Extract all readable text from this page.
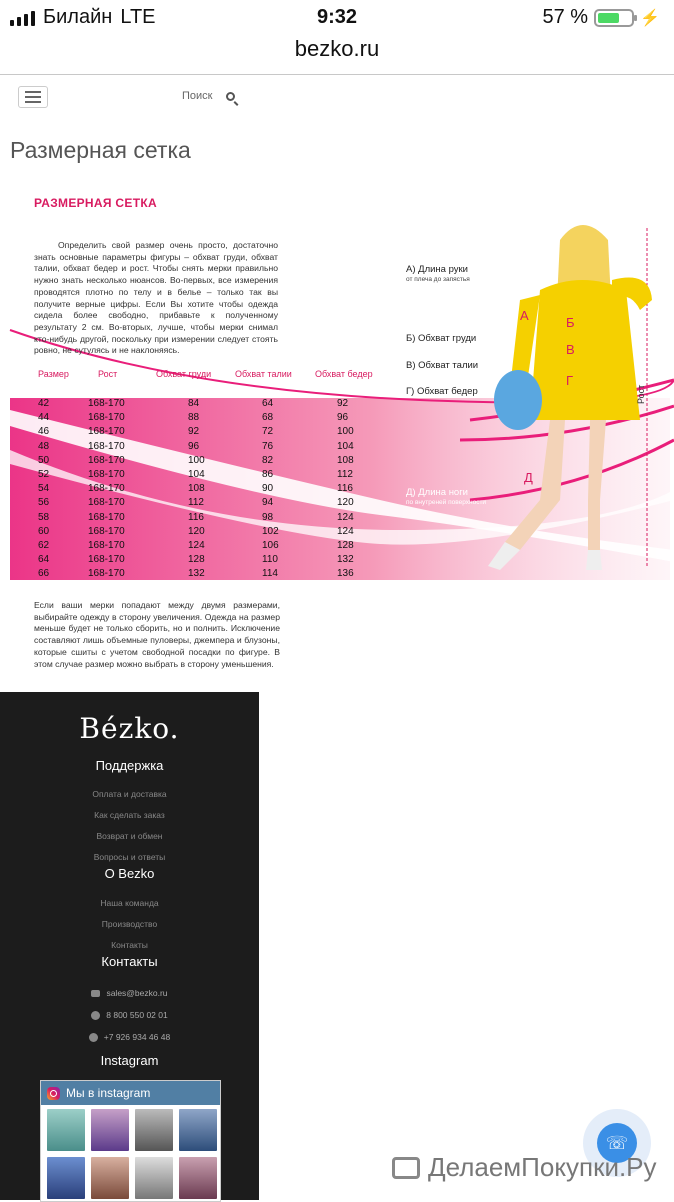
Билайн LTE	9:32	57 %	⚡
bezko.ru
Поиск
Размерная сетка
РАЗМЕРНАЯ СЕТКА
Определить свой размер очень просто, достаточно знать основные параметры фигуры – обхват груди, обхват талии, обхват бедер и рост. Чтобы снять мерки правильно нужно знать несколько нюансов. Во-первых, все измерения проводятся плотно по телу и в белье – только так вы получите верные цифры. Если Вы хотите чтобы одежда сидела более свободно, прибавьте к полученному результату 2 см. Во-вторых, лучше, чтобы мерки снимал кто-нибудь другой, поскольку при измерении следует стоять ровно, не сутулясь и не наклоняясь.
Размер	Рост	Обхват груди	Обхват талии	Обхват бедер
42	168-170	84	64	92
44	168-170	88	68	96
46	168-170	92	72	100
48	168-170	96	76	104
50	168-170	100	82	108
52	168-170	104	86	112
54	168-170	108	90	116
56	168-170	112	94	120
58	168-170	116	98	124
60	168-170	120	102	124
62	168-170	124	106	128
64	168-170	128	110	132
66	168-170	132	114	136
А) Длина руки
от плеча до запястья
Б) Обхват груди
В) Обхват талии
Г) Обхват бедер
Д) Длина ноги
по внутреней поверхности
Рост
А	Б
В
Г
Д
Если ваши мерки попадают между двумя размерами, выбирайте одежду в сторону увеличения. Одежда на размер меньше будет не только сборить, но и полнить. Исключение составляют лишь объемные пуловеры, джемпера и блузоны, которые сшиты с учетом свободной посадки по фигуре. В этом случае размер можно выбрать в сторону уменьшения.
Bézko.
Поддержка
Оплата и доставка
Как сделать заказ
Возврат и обмен
Вопросы и ответы
О Bezko
Наша команда
Производство
Контакты
Контакты
sales@bezko.ru
8 800 550 02 01
+7 926 934 46 48
Instagram
Мы в instagram
☏
ДелаемПокупки.Ру
